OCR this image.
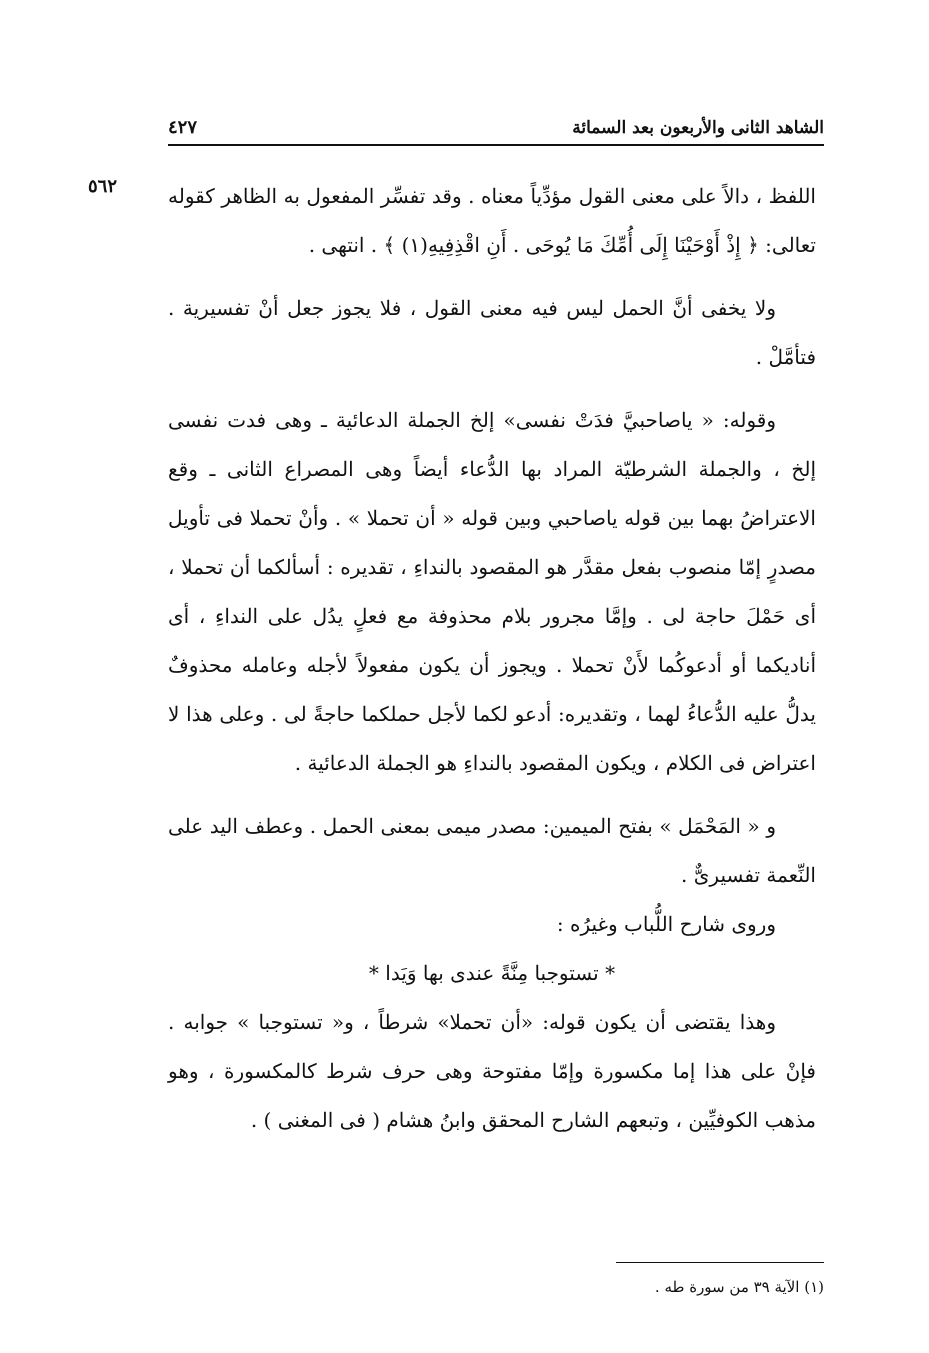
الشاهد الثانى والأربعون بعد السمائة
٤٢٧
٥٦٢	اللفظ ، دالاً على معنى القول مؤدِّياً معناه . وقد تفسِّر المفعول به الظاهر كقوله تعالى: ﴿ إِذْ أَوْحَيْنَا إِلَى أُمِّكَ مَا يُوحَى . أَنِ اقْذِفِيهِ(١) ﴾ . انتهى .

ولا يخفى أنَّ الحمل ليس فيه معنى القول ، فلا يجوز جعل أنْ تفسيرية . فتأمَّلْ .

وقوله: « ياصاحبيَّ فدَتْ نفسى» إلخ الجملة الدعائية ـ وهى فدت نفسى إلخ ، والجملة الشرطيّة المراد بها الدُّعاء أيضاً وهى المصراع الثانى ـ وقع الاعتراضُ بهما بين قوله ياصاحبي وبين قوله « أن تحملا » . وأنْ تحملا فى تأويل مصدرٍ إمّا منصوب بفعل مقدَّر هو المقصود بالنداءِ ، تقديره : أسألكما أن تحملا ، أى حَمْلَ حاجة لى . وإمَّا مجرور بلام محذوفة مع فعلٍ يدُل على النداءِ ، أى أناديكما أو أدعوكُما لأَنْ تحملا . ويجوز أن يكون مفعولاً لأجله وعامله محذوفٌ يدلُّ عليه الدُّعاءُ لهما ، وتقديره: أدعو لكما لأجل حملكما حاجةً لى . وعلى هذا لا اعتراض فى الكلام ، ويكون المقصود بالنداءِ هو الجملة الدعائية .

و « المَحْمَل » بفتح الميمين: مصدر ميمى بمعنى الحمل . وعطف اليد على النِّعمة تفسيرىٌّ .

وروى شارح اللُّباب وغيرُه :

* تستوجبا مِنَّةً عندى بها وَيَدا *

وهذا يقتضى أن يكون قوله: «أن تحملا» شرطاً ، و« تستوجبا » جوابه . فإنْ على هذا إما مكسورة وإمّا مفتوحة وهى حرف شرط كالمكسورة ، وهو مذهب الكوفيِّين ، وتبعهم الشارح المحقق وابنُ هشام ( فى المغنى ) .

(١) الآية ٣٩ من سورة طه .
